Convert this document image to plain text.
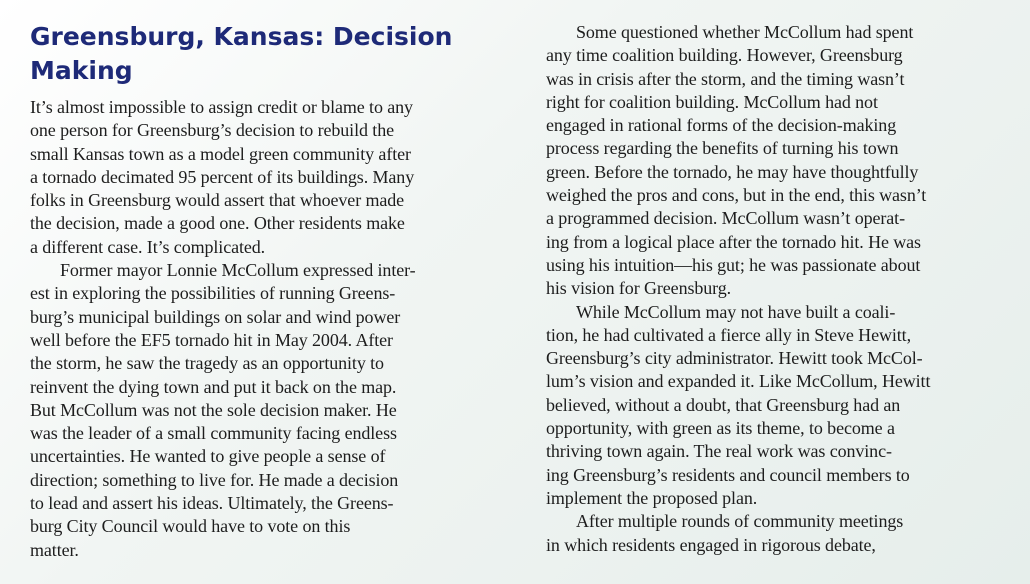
Greensburg, Kansas: Decision
Making
It’s almost impossible to assign credit or blame to any
one person for Greensburg’s decision to rebuild the
small Kansas town as a model green community after
a tornado decimated 95 percent of its buildings. Many
folks in Greensburg would assert that whoever made
the decision, made a good one. Other residents make
a different case. It’s complicated.
Former mayor Lonnie McCollum expressed inter-
est in exploring the possibilities of running Greens-
burg’s municipal buildings on solar and wind power
well before the EF5 tornado hit in May 2004. After
the storm, he saw the tragedy as an opportunity to
reinvent the dying town and put it back on the map.
But McCollum was not the sole decision maker. He
was the leader of a small community facing endless
uncertainties. He wanted to give people a sense of
direction; something to live for. He made a decision
to lead and assert his ideas. Ultimately, the Greens-
burg City Council would have to vote on this
matter.
Some questioned whether McCollum had spent
any time coalition building. However, Greensburg
was in crisis after the storm, and the timing wasn’t
right for coalition building. McCollum had not
engaged in rational forms of the decision-making
process regarding the benefits of turning his town
green. Before the tornado, he may have thoughtfully
weighed the pros and cons, but in the end, this wasn’t
a programmed decision. McCollum wasn’t operat-
ing from a logical place after the tornado hit. He was
using his intuition—his gut; he was passionate about
his vision for Greensburg.
While McCollum may not have built a coali-
tion, he had cultivated a fierce ally in Steve Hewitt,
Greensburg’s city administrator. Hewitt took McCol-
lum’s vision and expanded it. Like McCollum, Hewitt
believed, without a doubt, that Greensburg had an
opportunity, with green as its theme, to become a
thriving town again. The real work was convinc-
ing Greensburg’s residents and council members to
implement the proposed plan.
After multiple rounds of community meetings
in which residents engaged in rigorous debate,
